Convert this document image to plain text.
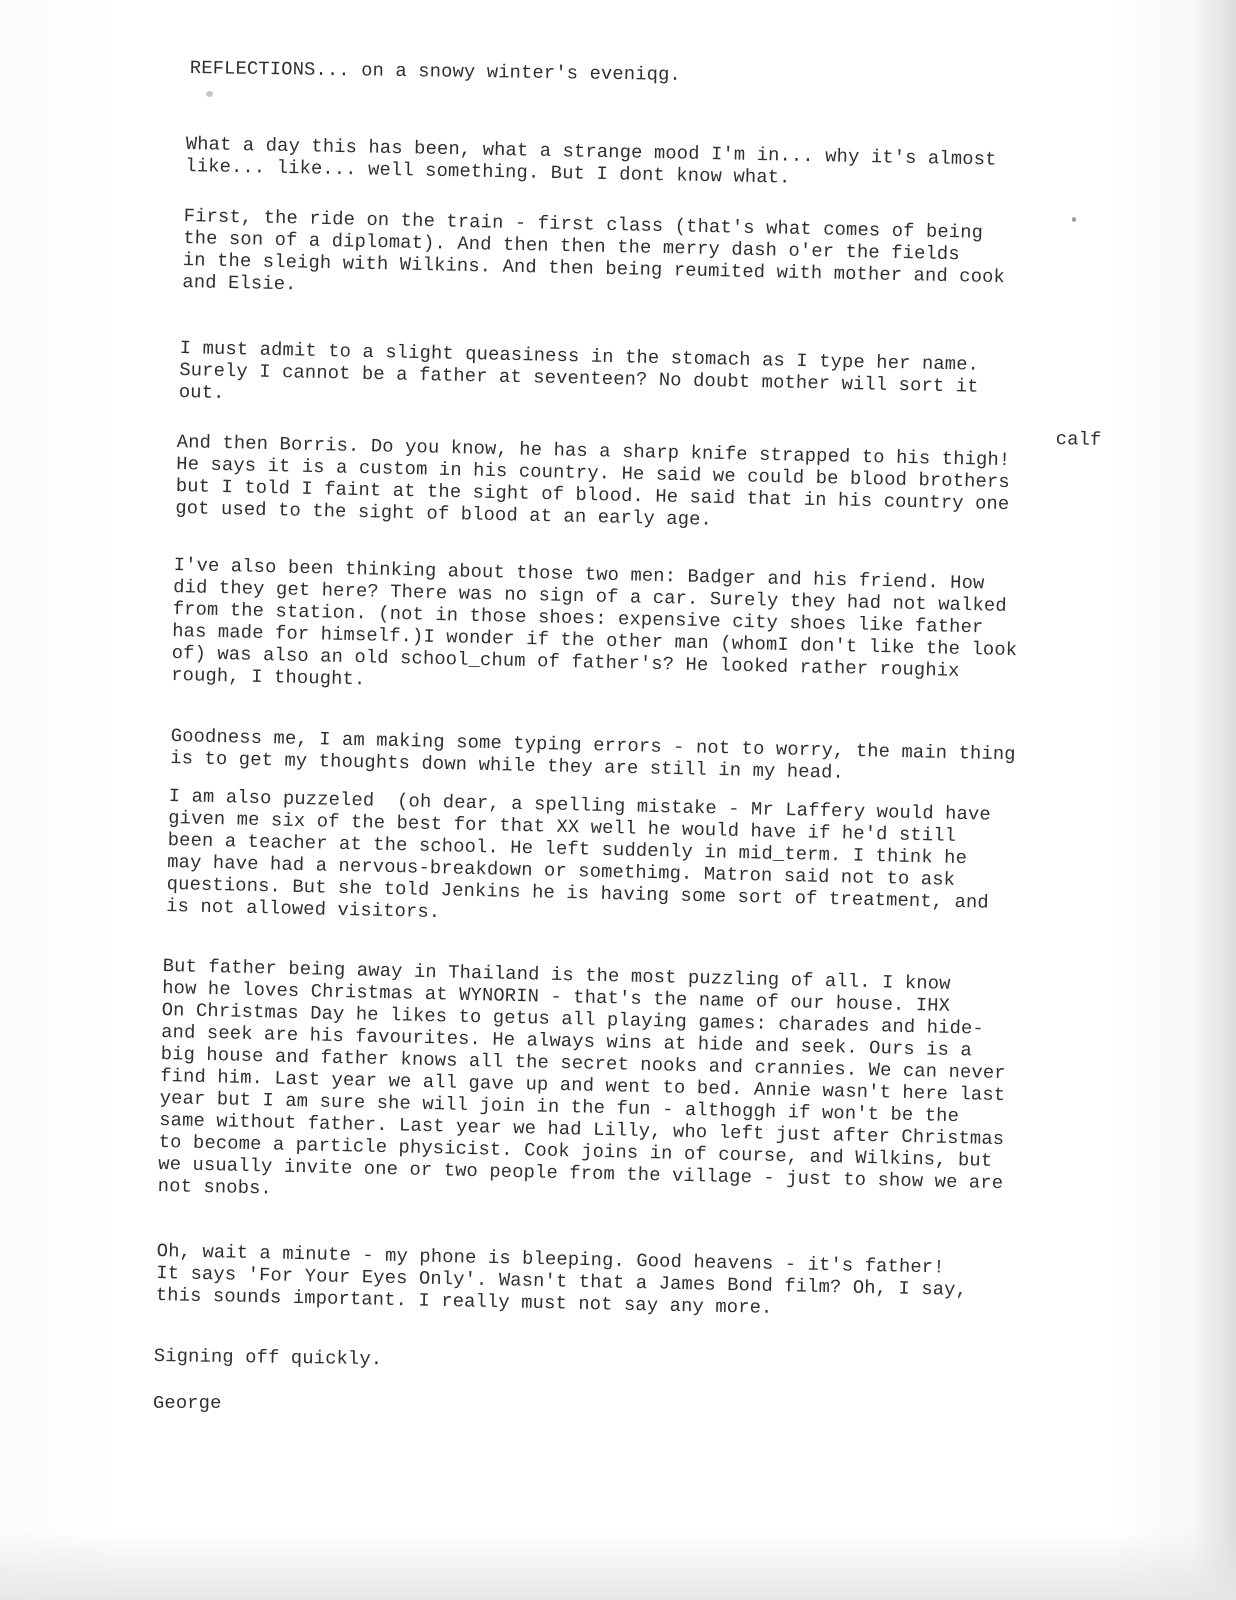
REFLECTIONS... on a snowy winter's eveniqg.

What a day this has been, what a strange mood I'm in... why it's almost
like... like... well something. But I dont know what.

First, the ride on the train - first class (that's what comes of being
the son of a diplomat). And then then the merry dash o'er the fields
in the sleigh with Wilkins. And then being reumited with mother and cook
and Elsie.

I must admit to a slight queasiness in the stomach as I type her name.
Surely I cannot be a father at seventeen? No doubt mother will sort it
out.

calf

And then Borris. Do you know, he has a sharp knife strapped to his thigh!
He says it is a custom in his country. He said we could be blood brothers
but I told I faint at the sight of blood. He said that in his country one
got used to the sight of blood at an early age.

I've also been thinking about those two men: Badger and his friend. How
did they get here? There was no sign of a car. Surely they had not walked
from the station. (not in those shoes: expensive city shoes like father
has made for himself.)I wonder if the other man (whomI don't like the look
of) was also an old school_chum of father's? He looked rather roughix
rough, I thought.

Goodness me, I am making some typing errors - not to worry, the main thing
is to get my thoughts down while they are still in my head.

I am also puzzeled  (oh dear, a spelling mistake - Mr Laffery would have
given me six of the best for that XX well he would have if he'd still
been a teacher at the school. He left suddenly in mid_term. I think he
may have had a nervous-breakdown or somethimg. Matron said not to ask
questions. But she told Jenkins he is having some sort of treatment, and
is not allowed visitors.

But father being away in Thailand is the most puzzling of all. I know
how he loves Christmas at WYNORIN - that's the name of our house. IHX
On Christmas Day he likes to getus all playing games: charades and hide-
and seek are his favourites. He always wins at hide and seek. Ours is a
big house and father knows all the secret nooks and crannies. We can never
find him. Last year we all gave up and went to bed. Annie wasn't here last
year but I am sure she will join in the fun - althoggh if won't be the
same without father. Last year we had Lilly, who left just after Christmas
to become a particle physicist. Cook joins in of course, and Wilkins, but
we usually invite one or two people from the village - just to show we are
not snobs.

Oh, wait a minute - my phone is bleeping. Good heavens - it's father!
It says 'For Your Eyes Only'. Wasn't that a James Bond film? Oh, I say,
this sounds important. I really must not say any more.

Signing off quickly.

George
